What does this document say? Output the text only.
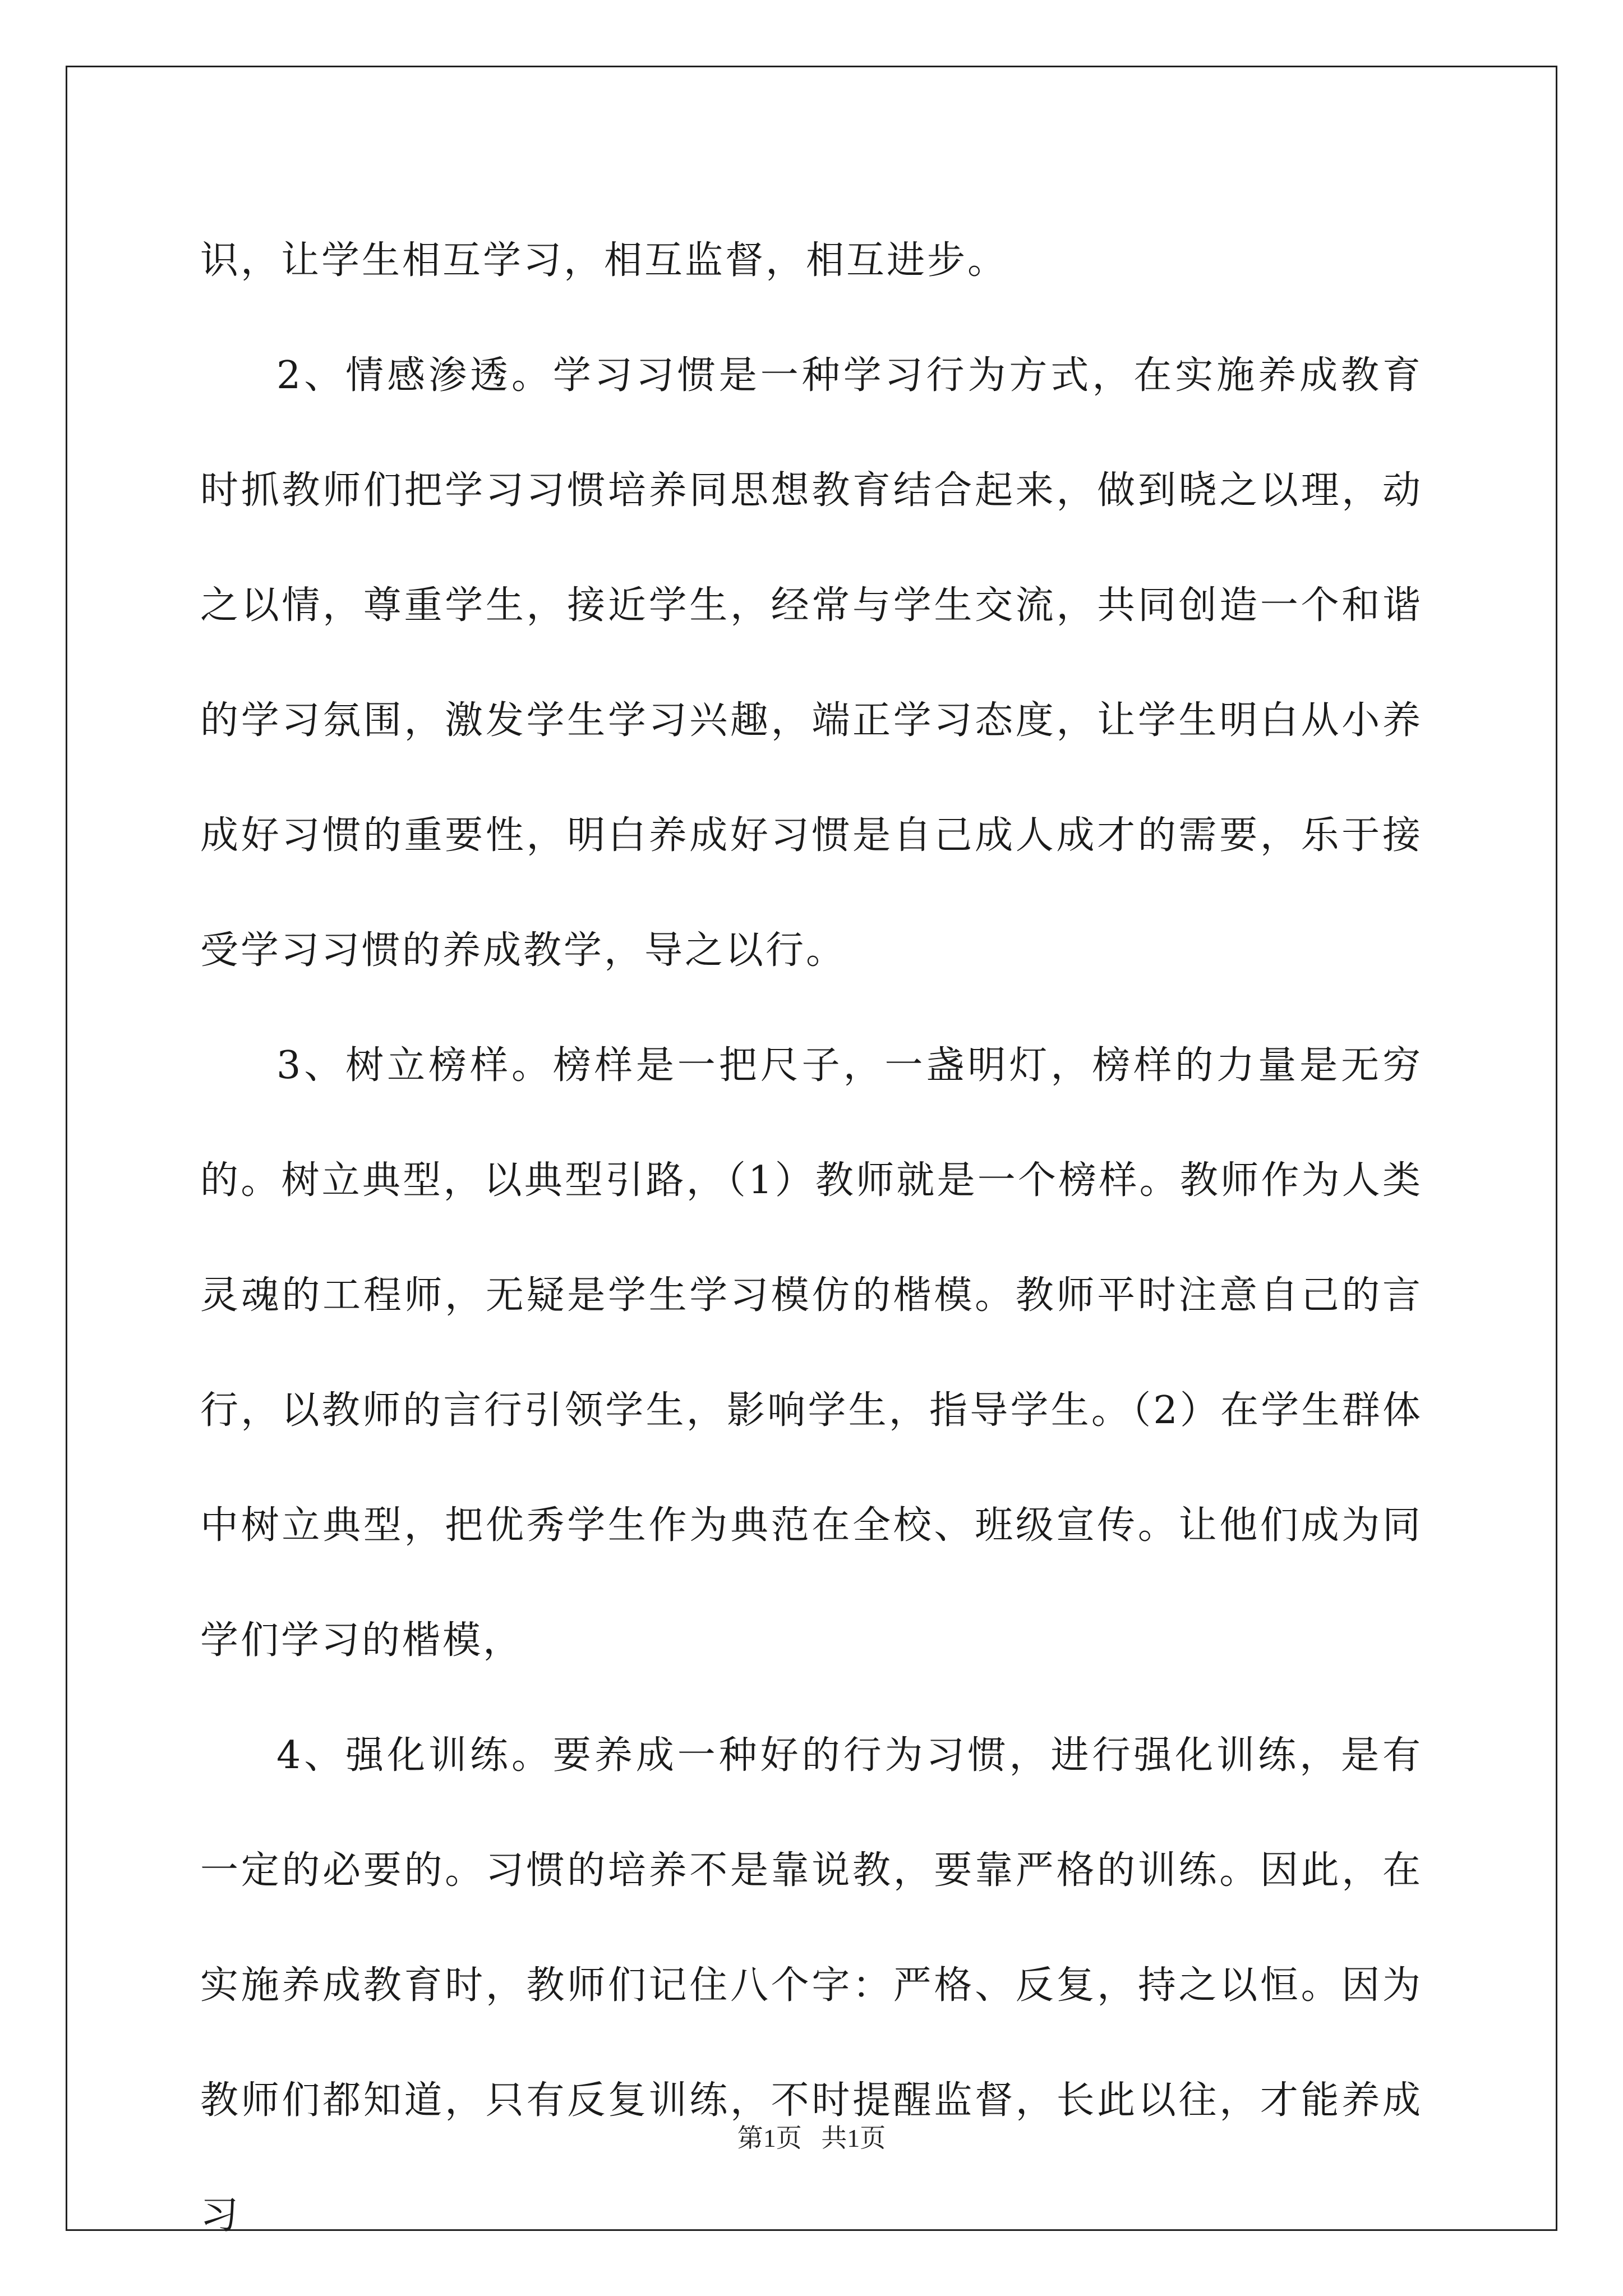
识，让学生相互学习，相互监督，相互进步。

2、情感渗透。学习习惯是一种学习行为方式，在实施养成教育时抓教师们把学习习惯培养同思想教育结合起来，做到晓之以理，动之以情，尊重学生，接近学生，经常与学生交流，共同创造一个和谐的学习氛围，激发学生学习兴趣，端正学习态度，让学生明白从小养成好习惯的重要性，明白养成好习惯是自己成人成才的需要，乐于接受学习习惯的养成教学，导之以行。

3、树立榜样。榜样是一把尺子，一盏明灯，榜样的力量是无穷的。树立典型，以典型引路，（1）教师就是一个榜样。教师作为人类灵魂的工程师，无疑是学生学习模仿的楷模。教师平时注意自己的言行，以教师的言行引领学生，影响学生，指导学生。（2）在学生群体中树立典型，把优秀学生作为典范在全校、班级宣传。让他们成为同学们学习的楷模，

4、强化训练。要养成一种好的行为习惯，进行强化训练，是有一定的必要的。习惯的培养不是靠说教，要靠严格的训练。因此，在实施养成教育时，教师们记住八个字：严格、反复，持之以恒。因为教师们都知道，只有反复训练，不时提醒监督，长此以往，才能养成习

第1页   共1页
